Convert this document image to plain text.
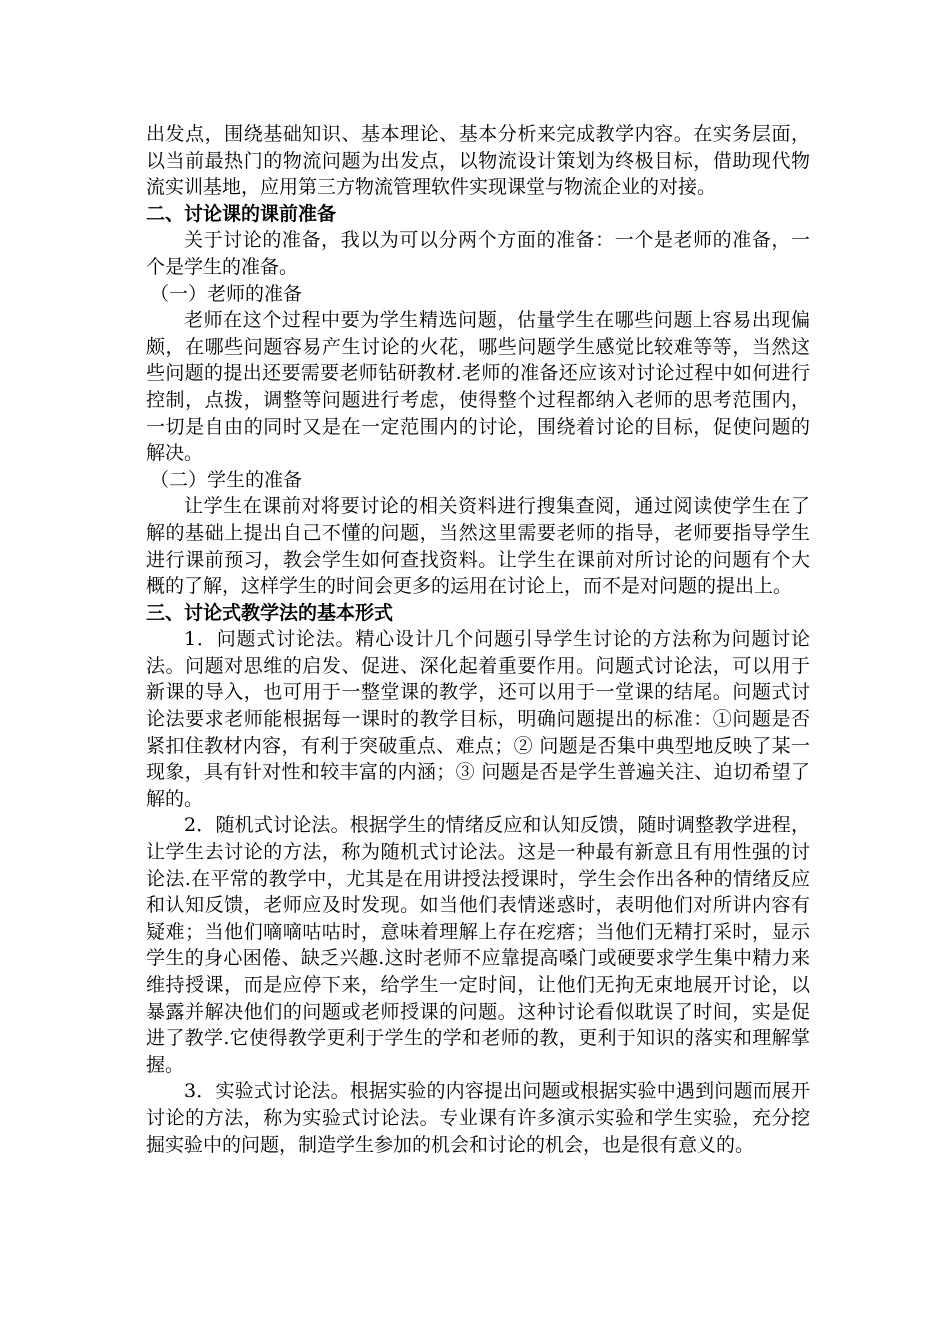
出发点，围绕基础知识、基本理论、基本分析来完成教学内容。在实务层面，以当前最热门的物流问题为出发点，以物流设计策划为终极目标，借助现代物流实训基地，应用第三方物流管理软件实现课堂与物流企业的对接。

二、讨论课的课前准备

关于讨论的准备，我以为可以分两个方面的准备：一个是老师的准备，一个是学生的准备。

（一）老师的准备

老师在这个过程中要为学生精选问题，估量学生在哪些问题上容易出现偏颇，在哪些问题容易产生讨论的火花，哪些问题学生感觉比较难等等，当然这些问题的提出还要需要老师钻研教材.老师的准备还应该对讨论过程中如何进行控制，点拨，调整等问题进行考虑，使得整个过程都纳入老师的思考范围内，一切是自由的同时又是在一定范围内的讨论，围绕着讨论的目标，促使问题的解决。

（二）学生的准备

让学生在课前对将要讨论的相关资料进行搜集查阅，通过阅读使学生在了解的基础上提出自己不懂的问题，当然这里需要老师的指导，老师要指导学生进行课前预习，教会学生如何查找资料。让学生在课前对所讨论的问题有个大概的了解，这样学生的时间会更多的运用在讨论上，而不是对问题的提出上。

三、讨论式教学法的基本形式

1．问题式讨论法。精心设计几个问题引导学生讨论的方法称为问题讨论法。问题对思维的启发、促进、深化起着重要作用。问题式讨论法，可以用于新课的导入，也可用于一整堂课的教学，还可以用于一堂课的结尾。问题式讨论法要求老师能根据每一课时的教学目标，明确问题提出的标准：①问题是否紧扣住教材内容，有利于突破重点、难点；② 问题是否集中典型地反映了某一现象，具有针对性和较丰富的内涵；③ 问题是否是学生普遍关注、迫切希望了解的。

2．随机式讨论法。根据学生的情绪反应和认知反馈，随时调整教学进程，让学生去讨论的方法，称为随机式讨论法。这是一种最有新意且有用性强的讨论法.在平常的教学中，尤其是在用讲授法授课时，学生会作出各种的情绪反应和认知反馈，老师应及时发现。如当他们表情迷惑时，表明他们对所讲内容有疑难；当他们嘀嘀咕咕时，意味着理解上存在疙瘩；当他们无精打采时，显示学生的身心困倦、缺乏兴趣.这时老师不应靠提高嗓门或硬要求学生集中精力来维持授课，而是应停下来，给学生一定时间，让他们无拘无束地展开讨论，以暴露并解决他们的问题或老师授课的问题。这种讨论看似耽误了时间，实是促进了教学.它使得教学更利于学生的学和老师的教，更利于知识的落实和理解掌握。

3．实验式讨论法。根据实验的内容提出问题或根据实验中遇到问题而展开讨论的方法，称为实验式讨论法。专业课有许多演示实验和学生实验，充分挖掘实验中的问题，制造学生参加的机会和讨论的机会，也是很有意义的。
